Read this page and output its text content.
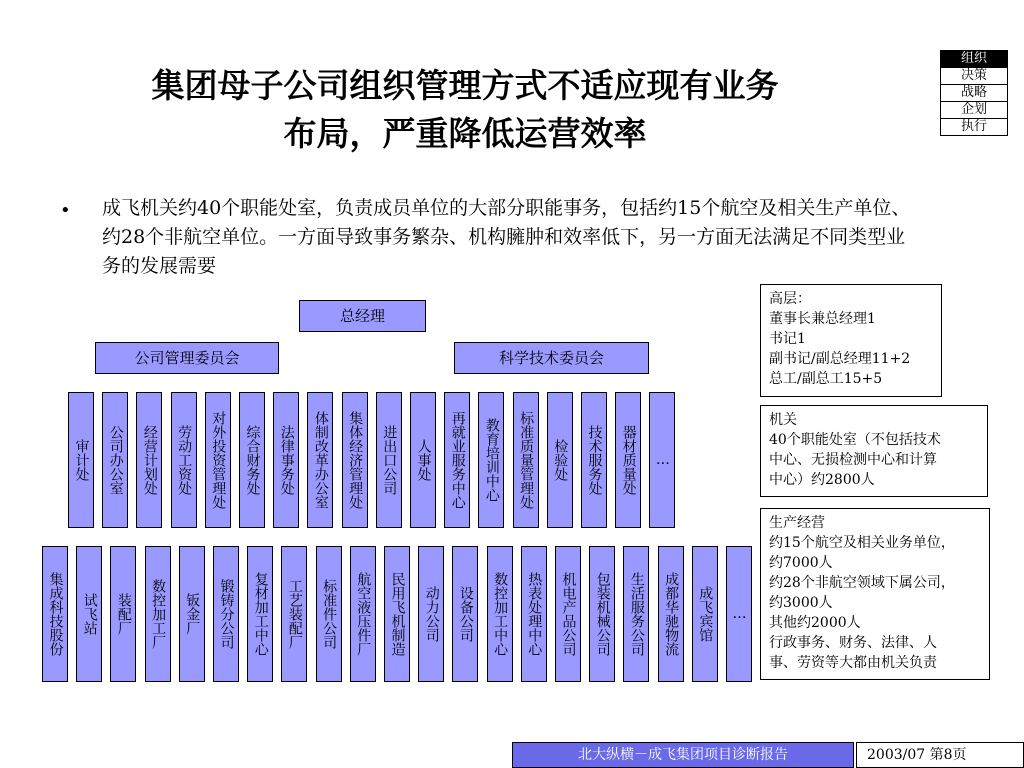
集团母子公司组织管理方式不适应现有业务
布局，严重降低运营效率
组织
决策
战略
企划
执行
• 成飞机关约40个职能处室，负责成员单位的大部分职能事务，包括约15个航空及相关生产单位、约28个非航空单位。一方面导致事务繁杂、机构臃肿和效率低下，另一方面无法满足不同类型业务的发展需要
总经理
公司管理委员会	科学技术委员会
审计处 公司办公室 经营计划处 劳动工资处 对外投资管理处 综合财务处 法律事务处 体制改革办公室 集体经济管理处 进出口公司 人事处 再就业服务中心 教育培训中心 标准质量管理处 检验处 技术服务处 器材质量处 …
集成科技股份 试飞站 装配厂 数控加工厂 钣金厂 锻铸分公司 复材加工中心 工艺装配厂 标准件公司 航空液压件厂 民用飞机制造 动力公司 设备公司 数控加工中心 热表处理中心 机电产品公司 包装机械公司 生活服务公司 成都华驰物流 成飞宾馆 …
高层：
董事长兼总经理1
书记1
副书记/副总经理11+2
总工/副总工15+5
机关
40个职能处室（不包括技术
中心、无损检测中心和计算
中心）约2800人
生产经营
约15个航空及相关业务单位，
约7000人
约28个非航空领域下属公司，
约3000人
其他约2000人
行政事务、财务、法律、人
事、劳资等大都由机关负责
北大纵横－成飞集团项目诊断报告	2003/07 第8页
